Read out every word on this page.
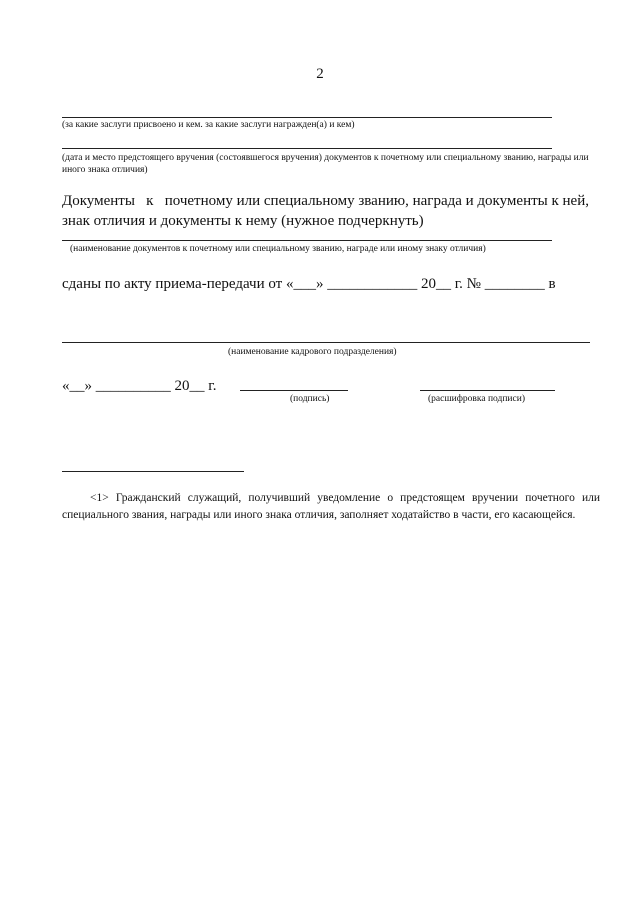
2
(за какие заслуги присвоено и кем. за какие заслуги награжден(а) и кем)
(дата и место предстоящего вручения (состоявшегося вручения) документов к почетному или специальному званию, награды или иного знака отличия)
Документы   к   почетному или специальному званию, награда и документы к ней,
знак отличия и документы к нему (нужное подчеркнуть)
(наименование документов к почетному или специальному званию, награде или иному знаку отличия)
сданы по акту приема-передачи от «___» ____________ 20__ г. № ________ в
(наименование кадрового подразделения)
«__» __________ 20__ г.
(подпись)	(расшифровка подписи)
<1> Гражданский служащий, получивший уведомление о предстоящем вручении почетного или специального звания, награды или иного знака отличия, заполняет ходатайство в части, его касающейся.
